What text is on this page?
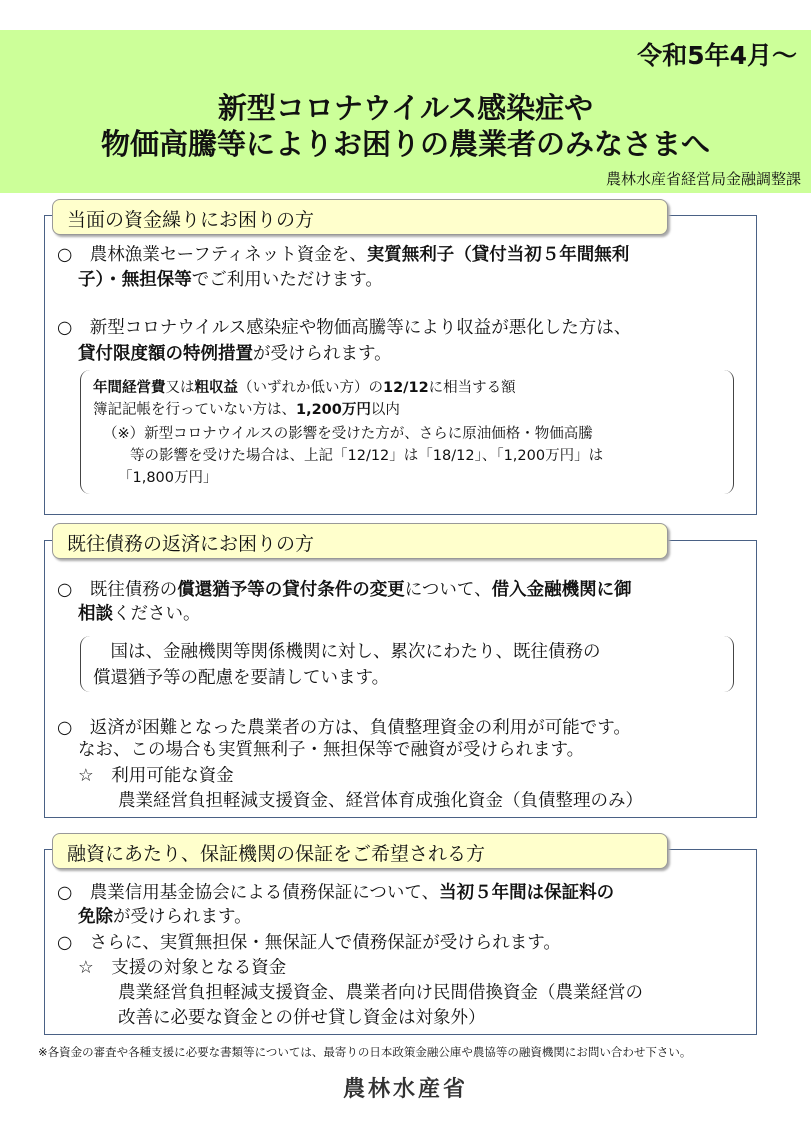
令和5年4月～
新型コロナウイルス感染症や
物価高騰等によりお困りの農業者のみなさまへ
農林水産省経営局金融調整課
当面の資金繰りにお困りの方
○　農林漁業セーフティネット資金を、実質無利子（貸付当初５年間無利
子）・無担保等でご利用いただけます。
○　新型コロナウイルス感染症や物価高騰等により収益が悪化した方は、
貸付限度額の特例措置が受けられます。
年間経営費又は粗収益（いずれか低い方）の12/12に相当する額
簿記記帳を行っていない方は、1,200万円以内
（※）新型コロナウイルスの影響を受けた方が、さらに原油価格・物価高騰
等の影響を受けた場合は、上記「12/12」は「18/12」、「1,200万円」は
「1,800万円」
既往債務の返済にお困りの方
○　既往債務の償還猶予等の貸付条件の変更について、借入金融機関に御
相談ください。
　国は、金融機関等関係機関に対し、累次にわたり、既往債務の
償還猶予等の配慮を要請しています。
○　返済が困難となった農業者の方は、負債整理資金の利用が可能です。
なお、この場合も実質無利子・無担保等で融資が受けられます。
☆　利用可能な資金
農業経営負担軽減支援資金、経営体育成強化資金（負債整理のみ）
融資にあたり、保証機関の保証をご希望される方
○　農業信用基金協会による債務保証について、当初５年間は保証料の
免除が受けられます。
○　さらに、実質無担保・無保証人で債務保証が受けられます。
☆　支援の対象となる資金
農業経営負担軽減支援資金、農業者向け民間借換資金（農業経営の
改善に必要な資金との併せ貸し資金は対象外）
※各資金の審査や各種支援に必要な書類等については、最寄りの日本政策金融公庫や農協等の融資機関にお問い合わせ下さい。
農林水産省
